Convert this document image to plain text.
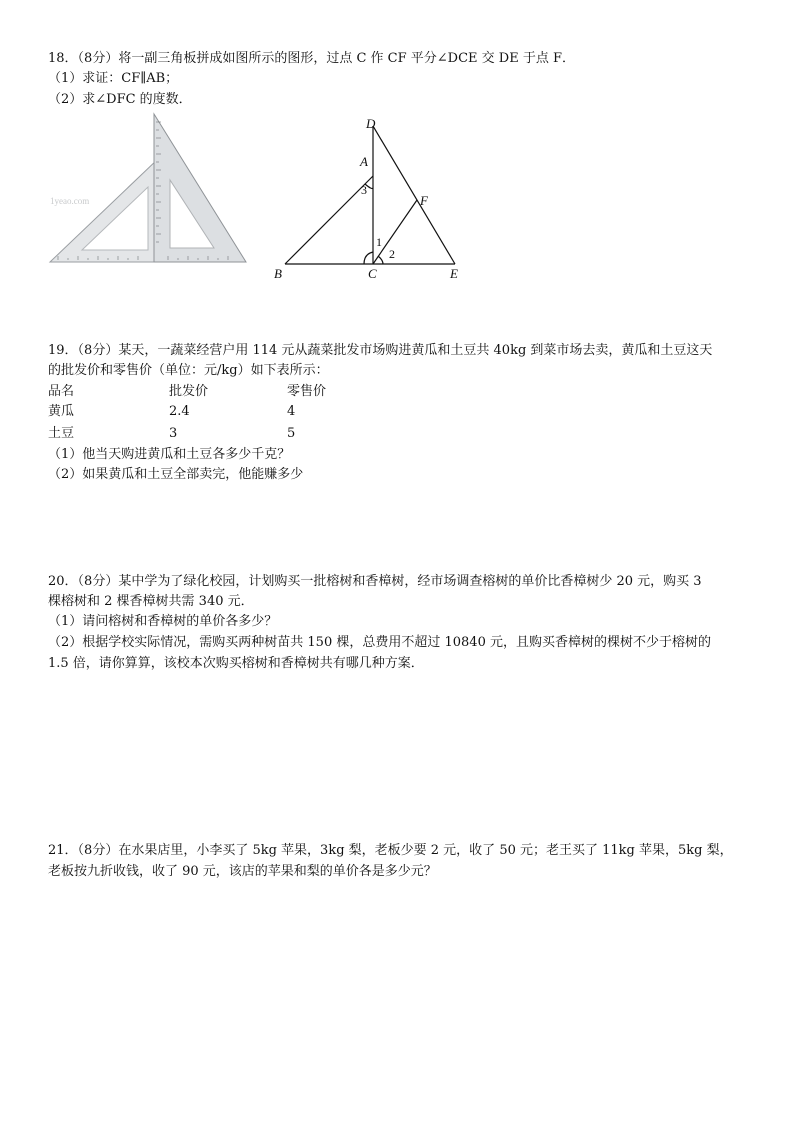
18．（8分）将一副三角板拼成如图所示的图形，过点 C 作 CF 平分∠DCE 交 DE 于点 F．
（1）求证：CF∥AB；
（2）求∠DFC 的度数．
1yeao.com
D
A
F
B	C	E
3
1
2
19．（8分）某天，一蔬菜经营户用 114 元从蔬菜批发市场购进黄瓜和土豆共 40kg 到菜市场去卖，黄瓜和土豆这天
的批发价和零售价（单位：元/kg）如下表所示：
品名	批发价	零售价
黄瓜	2.4	4
土豆	3	5
（1）他当天购进黄瓜和土豆各多少千克？
（2）如果黄瓜和土豆全部卖完，他能赚多少
20．（8分）某中学为了绿化校园，计划购买一批榕树和香樟树，经市场调查榕树的单价比香樟树少 20 元，购买 3
棵榕树和 2 棵香樟树共需 340 元．
（1）请问榕树和香樟树的单价各多少？
（2）根据学校实际情况，需购买两种树苗共 150 棵，总费用不超过 10840 元，且购买香樟树的棵树不少于榕树的
1.5 倍，请你算算，该校本次购买榕树和香樟树共有哪几种方案．
21．（8分）在水果店里，小李买了 5kg 苹果，3kg 梨，老板少要 2 元，收了 50 元；老王买了 11kg 苹果，5kg 梨，
老板按九折收钱，收了 90 元，该店的苹果和梨的单价各是多少元？
